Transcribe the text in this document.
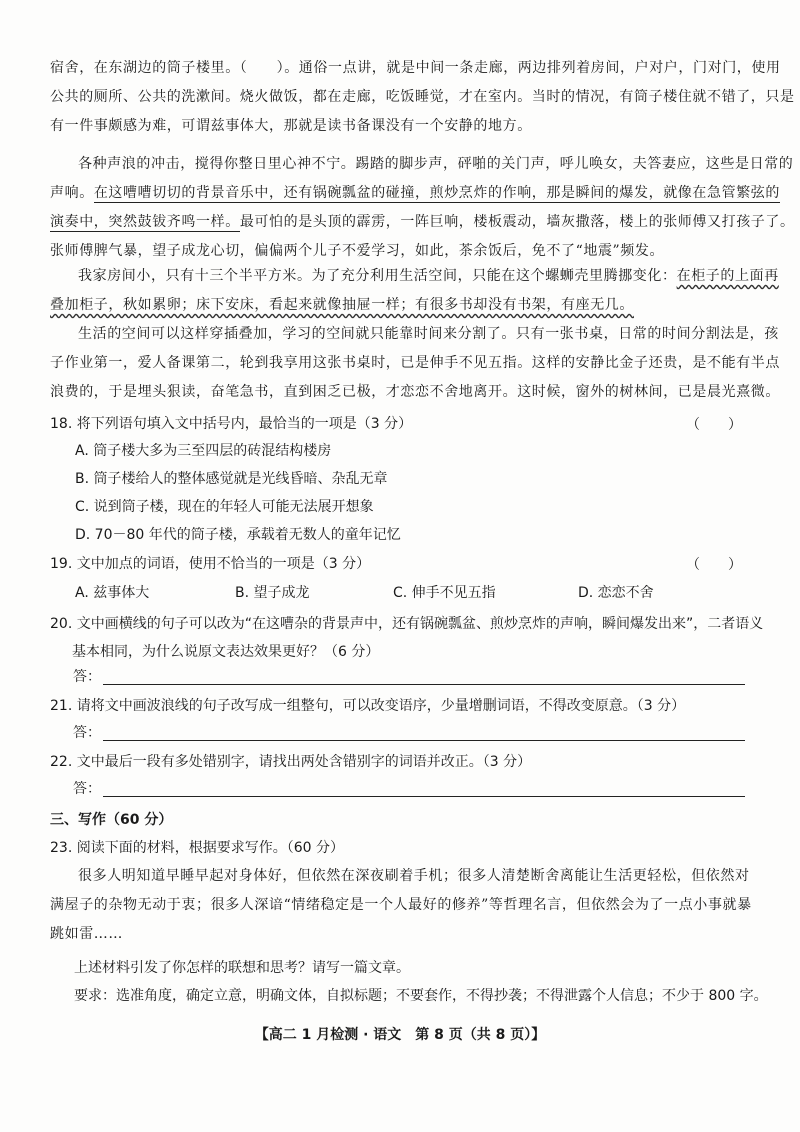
宿舍，在东湖边的筒子楼里。（　　）。通俗一点讲，就是中间一条走廊，两边排列着房间，户对户，门对门，使用
公共的厕所、公共的洗漱间。烧火做饭，都在走廊，吃饭睡觉，才在室内。当时的情况，有筒子楼住就不错了，只是
有一件事颇感为难，可谓兹事体大，那就是读书备课没有一个安静的地方。
各种声浪的冲击，搅得你整日里心神不宁。踢踏的脚步声，砰啪的关门声，呼儿唤女，夫答妻应，这些是日常的
声响。在这嘈嘈切切的背景音乐中，还有锅碗瓢盆的碰撞，煎炒烹炸的作响，那是瞬间的爆发，就像在急管繁弦的
演奏中，突然鼓钹齐鸣一样。最可怕的是头顶的霹雳，一阵巨响，楼板震动，墙灰撒落，楼上的张师傅又打孩子了。
张师傅脾气暴，望子成龙心切，偏偏两个儿子不爱学习，如此，茶余饭后，免不了“地震”频发。
我家房间小，只有十三个半平方米。为了充分利用生活空间，只能在这个螺蛳壳里腾挪变化：在柜子的上面再
叠加柜子，秋如累卵；床下安床，看起来就像抽屉一样；有很多书却没有书架，有座无几。
生活的空间可以这样穿插叠加，学习的空间就只能靠时间来分割了。只有一张书桌，日常的时间分割法是，孩
子作业第一，爱人备课第二，轮到我享用这张书桌时，已是伸手不见五指。这样的安静比金子还贵，是不能有半点
浪费的，于是埋头狠读，奋笔急书，直到困乏已极，才恋恋不舍地离开。这时候，窗外的树林间，已是晨光熹微。
18. 将下列语句填入文中括号内，最恰当的一项是（3 分）	（　　）
A. 筒子楼大多为三至四层的砖混结构楼房
B. 筒子楼给人的整体感觉就是光线昏暗、杂乱无章
C. 说到筒子楼，现在的年轻人可能无法展开想象
D. 70－80 年代的筒子楼，承载着无数人的童年记忆
19. 文中加点的词语，使用不恰当的一项是（3 分）	（　　）
A. 兹事体大	B. 望子成龙	C. 伸手不见五指	D. 恋恋不舍
20. 文中画横线的句子可以改为“在这嘈杂的背景声中，还有锅碗瓢盆、煎炒烹炸的声响，瞬间爆发出来”，二者语义
基本相同，为什么说原文表达效果更好？（6 分）
答：
21. 请将文中画波浪线的句子改写成一组整句，可以改变语序，少量增删词语，不得改变原意。（3 分）
答：
22. 文中最后一段有多处错别字，请找出两处含错别字的词语并改正。（3 分）
答：
三、写作（60 分）
23. 阅读下面的材料，根据要求写作。（60 分）
很多人明知道早睡早起对身体好，但依然在深夜刷着手机；很多人清楚断舍离能让生活更轻松，但依然对
满屋子的杂物无动于衷；很多人深谙“情绪稳定是一个人最好的修养”等哲理名言，但依然会为了一点小事就暴
跳如雷……
上述材料引发了你怎样的联想和思考？请写一篇文章。
要求：选准角度，确定立意，明确文体，自拟标题；不要套作，不得抄袭；不得泄露个人信息；不少于 800 字。
【高二 1 月检测 · 语文　第 8 页（共 8 页）】
